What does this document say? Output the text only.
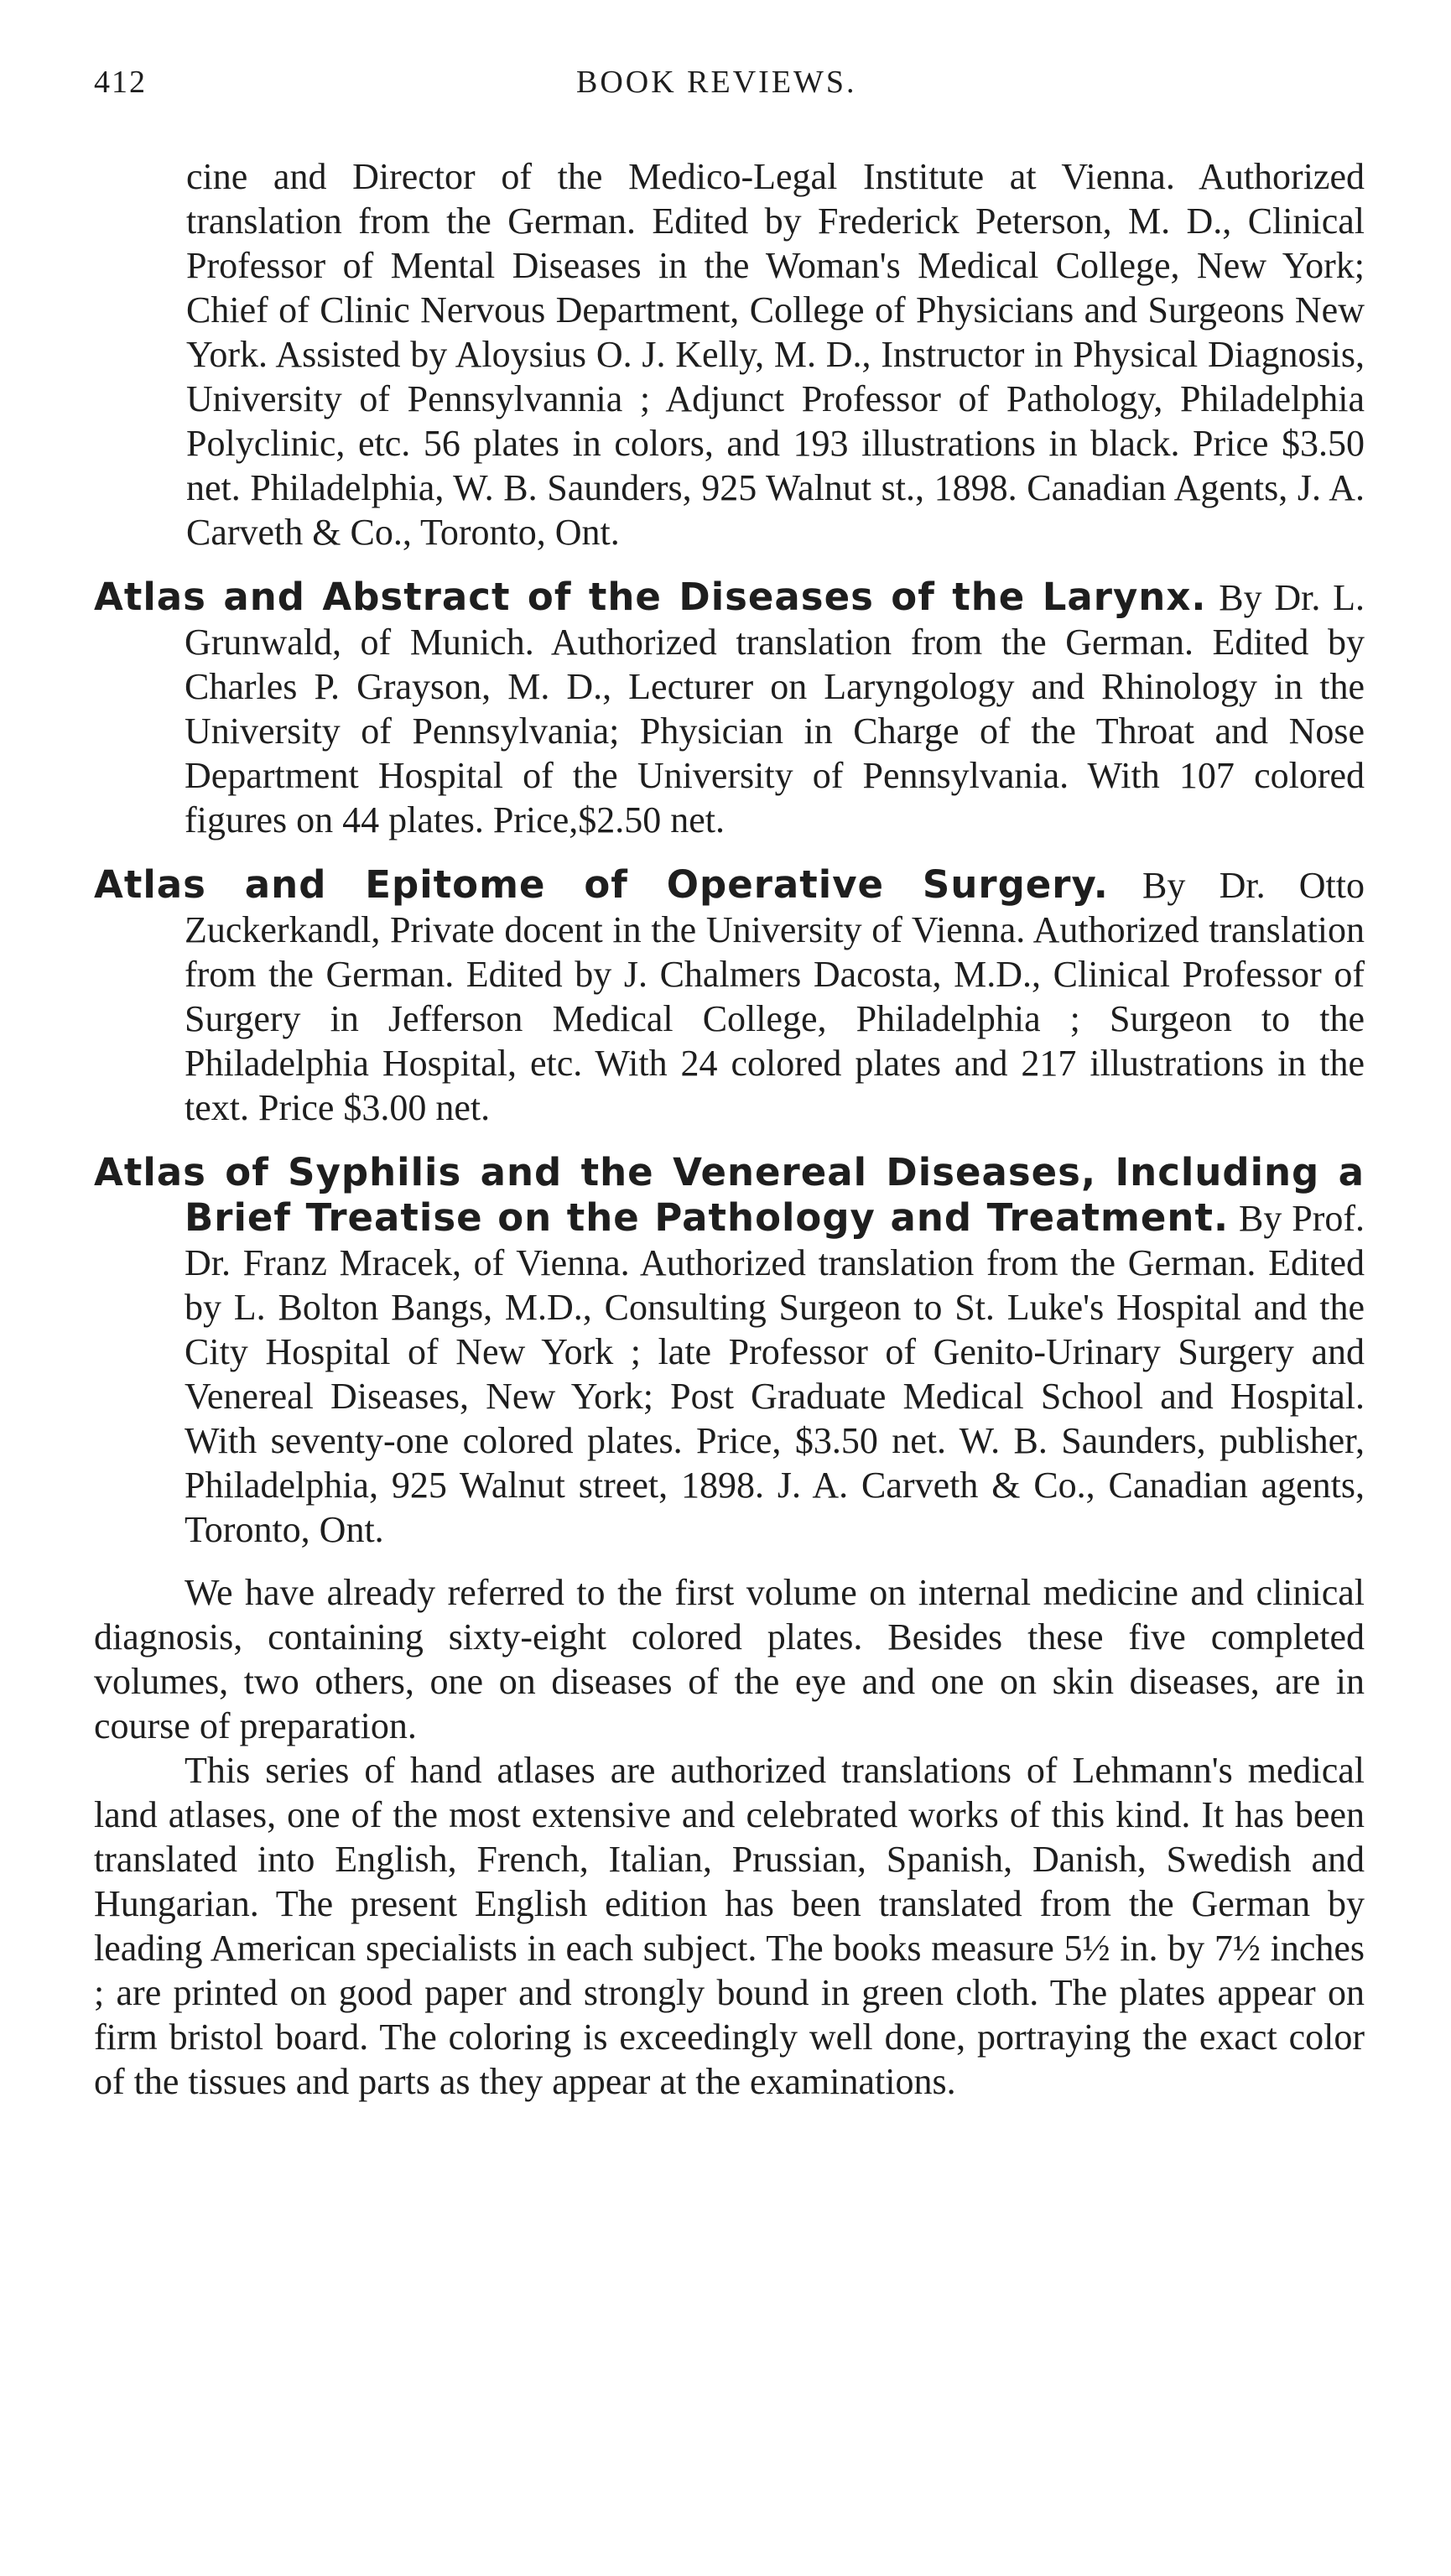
412	BOOK REVIEWS.
cine and Director of the Medico-Legal Institute at Vienna. Authorized translation from the German. Edited by Frederick Peterson, M. D., Clinical Professor of Mental Diseases in the Woman's Medical College, New York; Chief of Clinic Nervous Department, College of Physicians and Surgeons New York. Assisted by Aloysius O. J. Kelly, M. D., Instructor in Physical Diagnosis, University of Pennsylvannia ; Adjunct Professor of Pathology, Philadelphia Polyclinic, etc. 56 plates in colors, and 193 illustrations in black. Price $3.50 net. Philadelphia, W. B. Saunders, 925 Walnut st., 1898. Canadian Agents, J. A. Carveth & Co., Toronto, Ont.
Atlas and Abstract of the Diseases of the Larynx. By Dr. L. Grunwald, of Munich. Authorized translation from the German. Edited by Charles P. Grayson, M. D., Lecturer on Laryngology and Rhinology in the University of Pennsylvania; Physician in Charge of the Throat and Nose Department Hospital of the University of Pennsylvania. With 107 colored figures on 44 plates. Price,$2.50 net.
Atlas and Epitome of Operative Surgery. By Dr. Otto Zuckerkandl, Private docent in the University of Vienna. Authorized translation from the German. Edited by J. Chalmers Dacosta, M.D., Clinical Professor of Surgery in Jefferson Medical College, Philadelphia ; Surgeon to the Philadelphia Hospital, etc. With 24 colored plates and 217 illustrations in the text. Price $3.00 net.
Atlas of Syphilis and the Venereal Diseases, Including a Brief Treatise on the Pathology and Treatment. By Prof. Dr. Franz Mracek, of Vienna. Authorized translation from the German. Edited by L. Bolton Bangs, M.D., Consulting Surgeon to St. Luke's Hospital and the City Hospital of New York ; late Professor of Genito-Urinary Surgery and Venereal Diseases, New York; Post Graduate Medical School and Hospital. With seventy-one colored plates. Price, $3.50 net. W. B. Saunders, publisher, Philadelphia, 925 Walnut street, 1898. J. A. Carveth & Co., Canadian agents, Toronto, Ont.

We have already referred to the first volume on internal medicine and clinical diagnosis, containing sixty-eight colored plates. Besides these five completed volumes, two others, one on diseases of the eye and one on skin diseases, are in course of preparation.

This series of hand atlases are authorized translations of Lehmann's medical land atlases, one of the most extensive and celebrated works of this kind. It has been translated into English, French, Italian, Prussian, Spanish, Danish, Swedish and Hungarian. The present English edition has been translated from the German by leading American specialists in each subject. The books measure 5½ in. by 7½ inches ; are printed on good paper and strongly bound in green cloth. The plates appear on firm bristol board. The coloring is exceedingly well done, portraying the exact color of the tissues and parts as they appear at the examinations.
